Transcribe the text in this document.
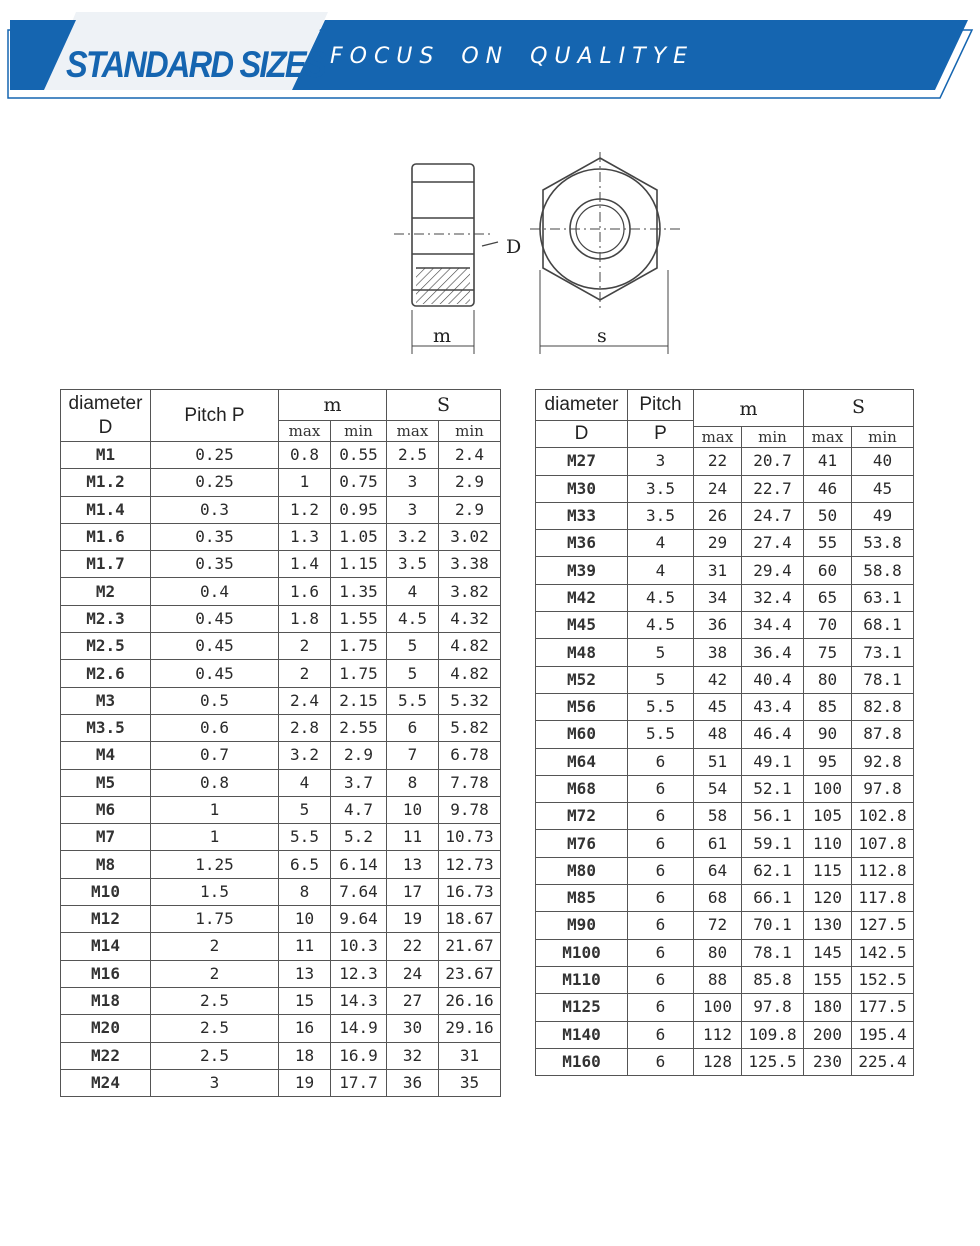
STANDARD SIZES F O C U S    O N    Q U A L I T Y E
D
m	s
diameter
D	Pitch P	m		S	
		max	min	max	min
M1	0.25	0.8	0.55	2.5	2.4
M1.2	0.25	1	0.75	3	2.9
M1.4	0.3	1.2	0.95	3	2.9
M1.6	0.35	1.3	1.05	3.2	3.02
M1.7	0.35	1.4	1.15	3.5	3.38
M2	0.4	1.6	1.35	4	3.82
M2.3	0.45	1.8	1.55	4.5	4.32
M2.5	0.45	2	1.75	5	4.82
M2.6	0.45	2	1.75	5	4.82
M3	0.5	2.4	2.15	5.5	5.32
M3.5	0.6	2.8	2.55	6	5.82
M4	0.7	3.2	2.9	7	6.78
M5	0.8	4	3.7	8	7.78
M6	1	5	4.7	10	9.78
M7	1	5.5	5.2	11	10.73
M8	1.25	6.5	6.14	13	12.73
M10	1.5	8	7.64	17	16.73
M12	1.75	10	9.64	19	18.67
M14	2	11	10.3	22	21.67
M16	2	13	12.3	24	23.67
M18	2.5	15	14.3	27	26.16
M20	2.5	16	14.9	30	29.16
M22	2.5	18	16.9	32	31
M24	3	19	17.7	36	35
diameter	Pitch	m		S	
D	P				
		max	min	max	min
M27	3	22	20.7	41	40
M30	3.5	24	22.7	46	45
M33	3.5	26	24.7	50	49
M36	4	29	27.4	55	53.8
M39	4	31	29.4	60	58.8
M42	4.5	34	32.4	65	63.1
M45	4.5	36	34.4	70	68.1
M48	5	38	36.4	75	73.1
M52	5	42	40.4	80	78.1
M56	5.5	45	43.4	85	82.8
M60	5.5	48	46.4	90	87.8
M64	6	51	49.1	95	92.8
M68	6	54	52.1	100	97.8
M72	6	58	56.1	105	102.8
M76	6	61	59.1	110	107.8
M80	6	64	62.1	115	112.8
M85	6	68	66.1	120	117.8
M90	6	72	70.1	130	127.5
M100	6	80	78.1	145	142.5
M110	6	88	85.8	155	152.5
M125	6	100	97.8	180	177.5
M140	6	112	109.8	200	195.4
M160	6	128	125.5	230	225.4
